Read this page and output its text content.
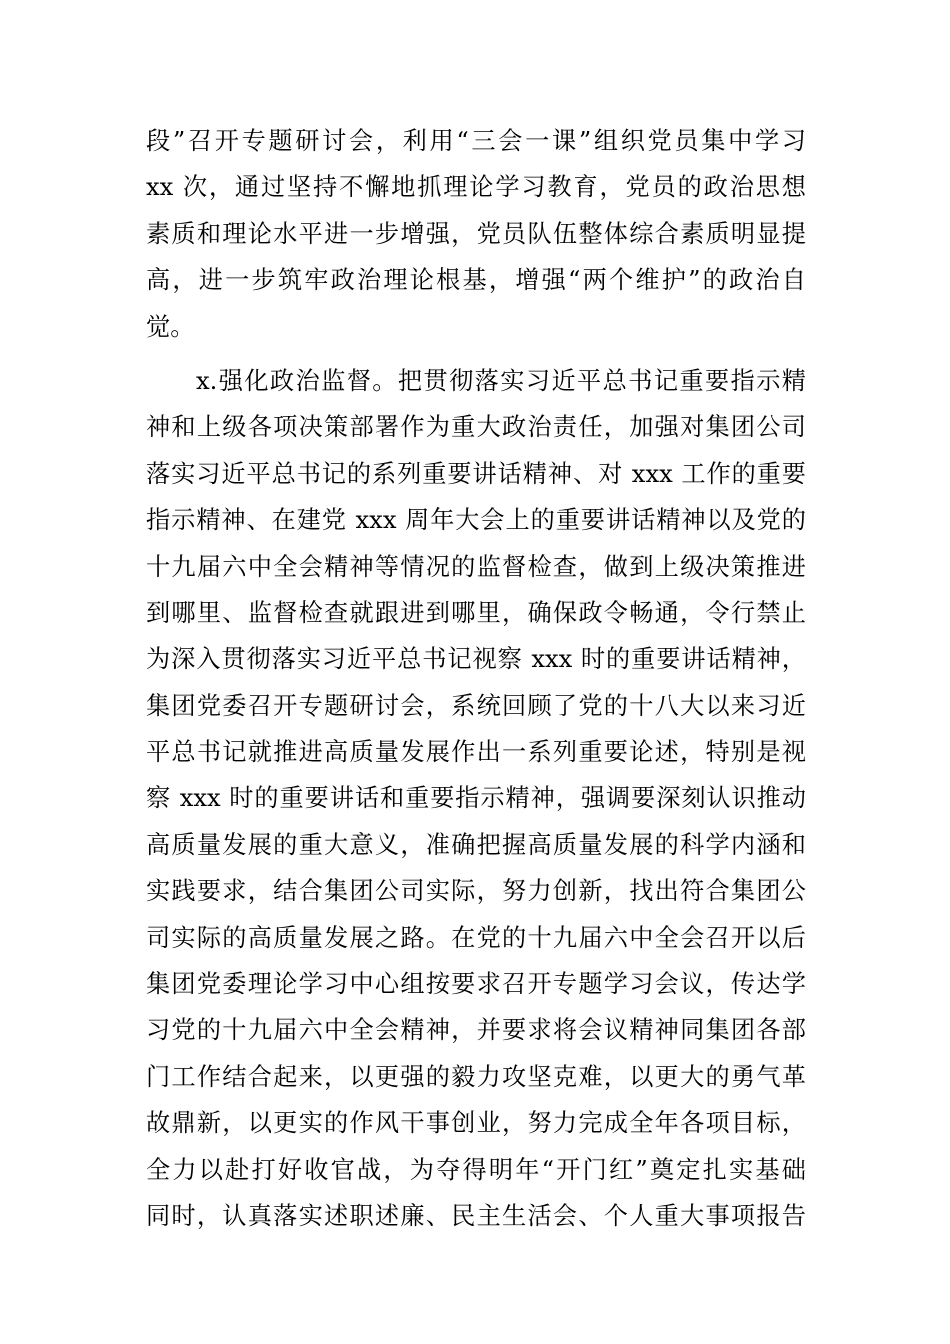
段”召开专题研讨会，利用“三会一课”组织党员集中学习
xx 次，通过坚持不懈地抓理论学习教育，党员的政治思想
素质和理论水平进一步增强，党员队伍整体综合素质明显提
高，进一步筑牢政治理论根基，增强“两个维护”的政治自
觉。
x.强化政治监督。把贯彻落实习近平总书记重要指示精
神和上级各项决策部署作为重大政治责任，加强对集团公司
落实习近平总书记的系列重要讲话精神、对 xxx 工作的重要
指示精神、在建党 xxx 周年大会上的重要讲话精神以及党的
十九届六中全会精神等情况的监督检查，做到上级决策推进
到哪里、监督检查就跟进到哪里，确保政令畅通，令行禁止
为深入贯彻落实习近平总书记视察 xxx 时的重要讲话精神，
集团党委召开专题研讨会，系统回顾了党的十八大以来习近
平总书记就推进高质量发展作出一系列重要论述，特别是视
察 xxx 时的重要讲话和重要指示精神，强调要深刻认识推动
高质量发展的重大意义，准确把握高质量发展的科学内涵和
实践要求，结合集团公司实际，努力创新，找出符合集团公
司实际的高质量发展之路。在党的十九届六中全会召开以后
集团党委理论学习中心组按要求召开专题学习会议，传达学
习党的十九届六中全会精神，并要求将会议精神同集团各部
门工作结合起来，以更强的毅力攻坚克难，以更大的勇气革
故鼎新，以更实的作风干事创业，努力完成全年各项目标，
全力以赴打好收官战，为夺得明年“开门红”奠定扎实基础
同时，认真落实述职述廉、民主生活会、个人重大事项报告
